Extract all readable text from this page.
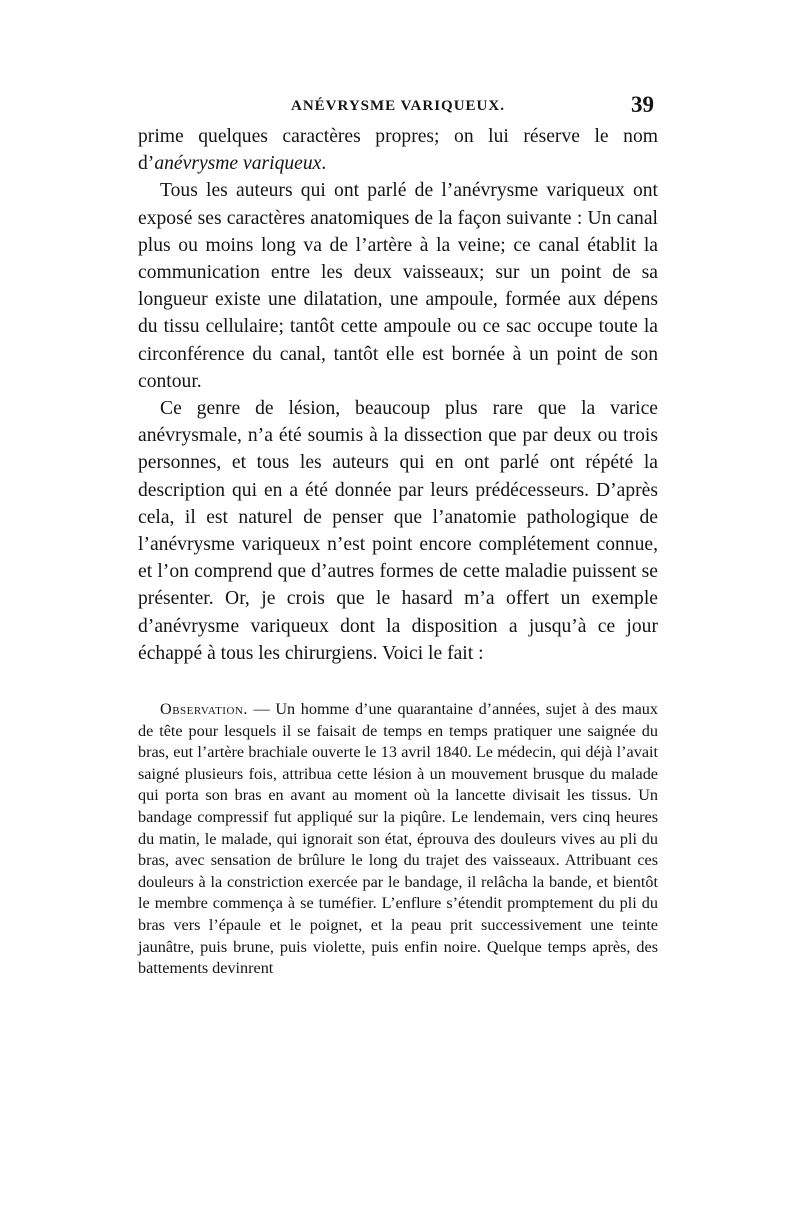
ANÉVRYSME VARIQUEUX.	39

prime quelques caractères propres; on lui réserve le nom d’anévrysme variqueux.

Tous les auteurs qui ont parlé de l’anévrysme variqueux ont exposé ses caractères anatomiques de la façon suivante : Un canal plus ou moins long va de l’artère à la veine; ce canal établit la communication entre les deux vaisseaux; sur un point de sa longueur existe une dilatation, une ampoule, formée aux dépens du tissu cellulaire; tantôt cette ampoule ou ce sac occupe toute la circonférence du canal, tantôt elle est bornée à un point de son contour.

Ce genre de lésion, beaucoup plus rare que la varice anévrysmale, n’a été soumis à la dissection que par deux ou trois personnes, et tous les auteurs qui en ont parlé ont répété la description qui en a été donnée par leurs prédécesseurs. D’après cela, il est naturel de penser que l’anatomie pathologique de l’anévrysme variqueux n’est point encore complétement connue, et l’on comprend que d’autres formes de cette maladie puissent se présenter. Or, je crois que le hasard m’a offert un exemple d’anévrysme variqueux dont la disposition a jusqu’à ce jour échappé à tous les chirurgiens. Voici le fait :

Observation. — Un homme d’une quarantaine d’années, sujet à des maux de tête pour lesquels il se faisait de temps en temps pratiquer une saignée du bras, eut l’artère brachiale ouverte le 13 avril 1840. Le médecin, qui déjà l’avait saigné plusieurs fois, attribua cette lésion à un mouvement brusque du malade qui porta son bras en avant au moment où la lancette divisait les tissus. Un bandage compressif fut appliqué sur la piqûre. Le lendemain, vers cinq heures du matin, le malade, qui ignorait son état, éprouva des douleurs vives au pli du bras, avec sensation de brûlure le long du trajet des vaisseaux. Attribuant ces douleurs à la constriction exercée par le bandage, il relâcha la bande, et bientôt le membre commença à se tuméfier. L’enflure s’étendit promptement du pli du bras vers l’épaule et le poignet, et la peau prit successivement une teinte jaunâtre, puis brune, puis violette, puis enfin noire. Quelque temps après, des battements devinrent
